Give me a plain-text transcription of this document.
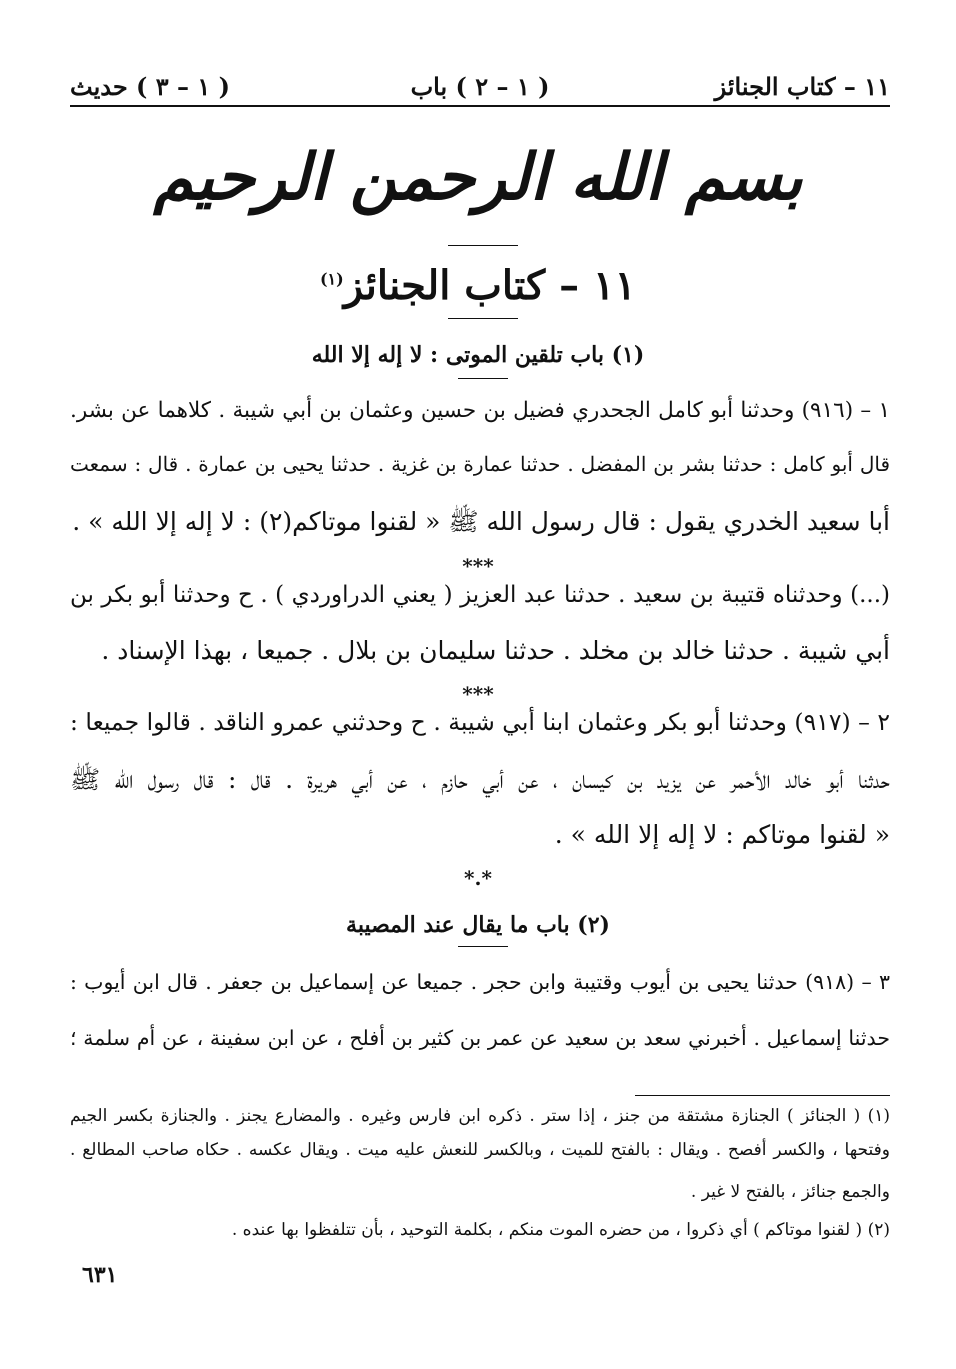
١١ – كتاب الجنائز
( ١ – ٢ ) باب
( ١ – ٣ ) حديث
بسم الله الرحمن الرحيم
١١ – كتاب الجنائز$^{(١)}$
(١) باب تلقين الموتى : لا إله إلا الله
١ – (٩١٦) وحدثنا أبو كامل الجحدري فضيل بن حسين وعثمان بن أبي شيبة . كلاهما عن بشر.
قال أبو كامل : حدثنا بشر بن المفضل . حدثنا عمارة بن غزية . حدثنا يحيى بن عمارة . قال : سمعت
أبا سعيد الخدري يقول : قال رسول الله ﷺ « لقنوا موتاكم(٢) : لا إله إلا الله » .
***
(...) وحدثناه قتيبة بن سعيد . حدثنا عبد العزيز ( يعني الدراوردي ) . ح وحدثنا أبو بكر بن
أبي شيبة . حدثنا خالد بن مخلد . حدثنا سليمان بن بلال . جميعا ، بهذا الإسناد .
***
٢ – (٩١٧) وحدثنا أبو بكر وعثمان ابنا أبي شيبة . ح وحدثني عمرو الناقد . قالوا جميعا :
حدثنا أبو خالد الأحمر عن يزيد بن كيسان ، عن أبي حازم ، عن أبي هريرة . قال : قال رسول الله ﷺ
« لقنوا موتاكم : لا إله إلا الله » .
*.*
(٢) باب ما يقال عند المصيبة
٣ – (٩١٨) حدثنا يحيى بن أيوب وقتيبة وابن حجر . جميعا عن إسماعيل بن جعفر . قال ابن أيوب :
حدثنا إسماعيل . أخبرني سعد بن سعيد عن عمر بن كثير بن أفلح ، عن ابن سفينة ، عن أم سلمة ؛
(١) ( الجنائز ) الجنازة مشتقة من جنز ، إذا ستر . ذكره ابن فارس وغيره . والمضارع يجنز . والجنازة بكسر الجيم
وفتحها ، والكسر أفصح . ويقال : بالفتح للميت ، وبالكسر للنعش عليه ميت . ويقال عكسه . حكاه صاحب المطالع .
والجمع جنائز ، بالفتح لا غير .
(٢) ( لقنوا موتاكم ) أي ذكروا ، من حضره الموت منكم ، بكلمة التوحيد ، بأن تتلفظوا بها عنده .
٦٣١
